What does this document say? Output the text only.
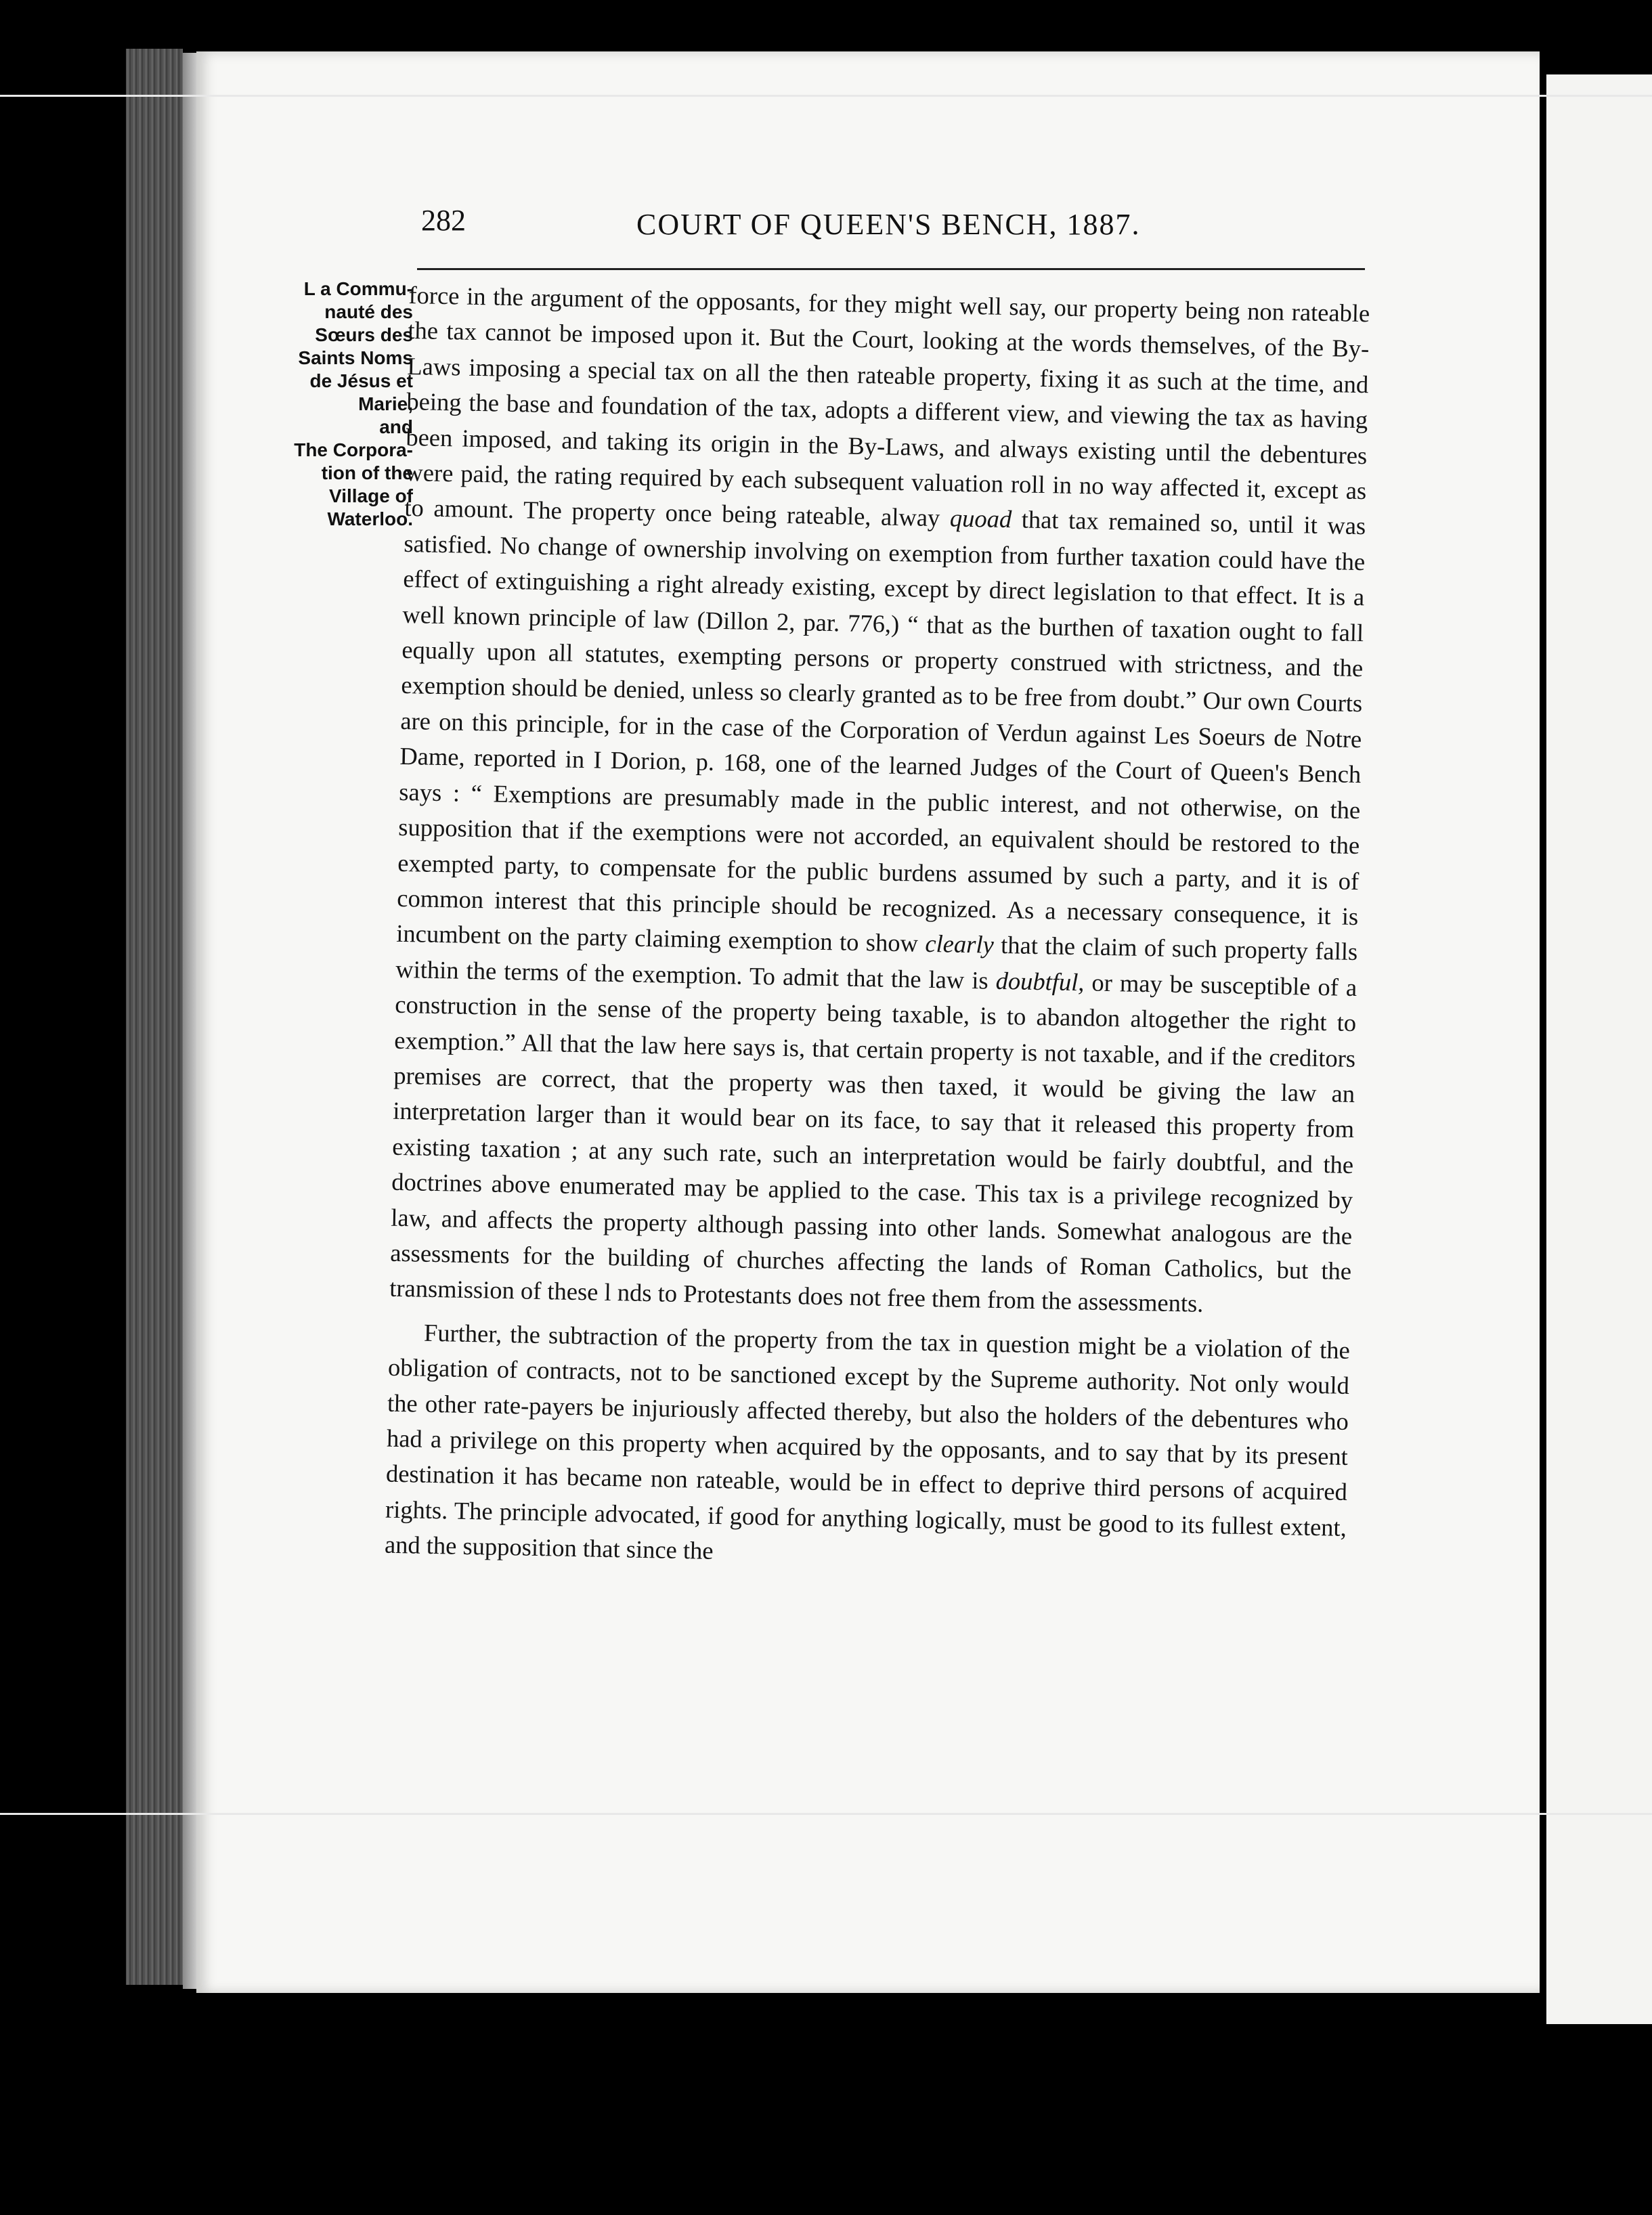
282	COURT OF QUEEN'S BENCH, 1887.
L a Commu-
nauté des
Sœurs des
Saints Noms
de Jésus et
Marie,
and
The Corpora-
tion of the
Village of
Waterloo.

force in the argument of the opposants, for they might well say, our property being non rateable the tax cannot be imposed upon it. But the Court, looking at the words themselves, of the By-Laws imposing a special tax on all the then rateable property, fixing it as such at the time, and being the base and foundation of the tax, adopts a different view, and viewing the tax as having been imposed, and taking its origin in the By-Laws, and always existing until the debentures were paid, the rating required by each subsequent valuation roll in no way affected it, except as to amount. The property once being rateable, alway quoad that tax remained so, until it was satisfied. No change of ownership involving on exemption from further taxation could have the effect of extinguishing a right already existing, except by direct legislation to that effect. It is a well known principle of law (Dillon 2, par. 776,) “ that as the burthen of taxation ought to fall equally upon all statutes, exempting persons or property construed with strictness, and the exemption should be denied, unless so clearly granted as to be free from doubt.” Our own Courts are on this principle, for in the case of the Corporation of Verdun against Les Soeurs de Notre Dame, reported in I Dorion, p. 168, one of the learned Judges of the Court of Queen's Bench says : “ Exemptions are presumably made in the public interest, and not otherwise, on the supposition that if the exemptions were not accorded, an equivalent should be restored to the exempted party, to compensate for the public burdens assumed by such a party, and it is of common interest that this principle should be recognized. As a necessary consequence, it is incumbent on the party claiming exemption to show clearly that the claim of such property falls within the terms of the exemption. To admit that the law is doubtful, or may be susceptible of a construction in the sense of the property being taxable, is to abandon altogether the right to exemption.” All that the law here says is, that certain property is not taxable, and if the creditors premises are correct, that the property was then taxed, it would be giving the law an interpretation larger than it would bear on its face, to say that it released this property from existing taxation ; at any such rate, such an interpretation would be fairly doubtful, and the doctrines above enumerated may be applied to the case. This tax is a privilege recognized by law, and affects the property although passing into other lands. Somewhat analogous are the assessments for the building of churches affecting the lands of Roman Catholics, but the transmission of these l nds to Protestants does not free them from the assessments.

Further, the subtraction of the property from the tax in question might be a violation of the obligation of contracts, not to be sanctioned except by the Supreme authority. Not only would the other rate-payers be injuriously affected thereby, but also the holders of the debentures who had a privilege on this property when acquired by the opposants, and to say that by its present destination it has became non rateable, would be in effect to deprive third persons of acquired rights. The principle advocated, if good for anything logically, must be good to its fullest extent, and the supposition that since the
